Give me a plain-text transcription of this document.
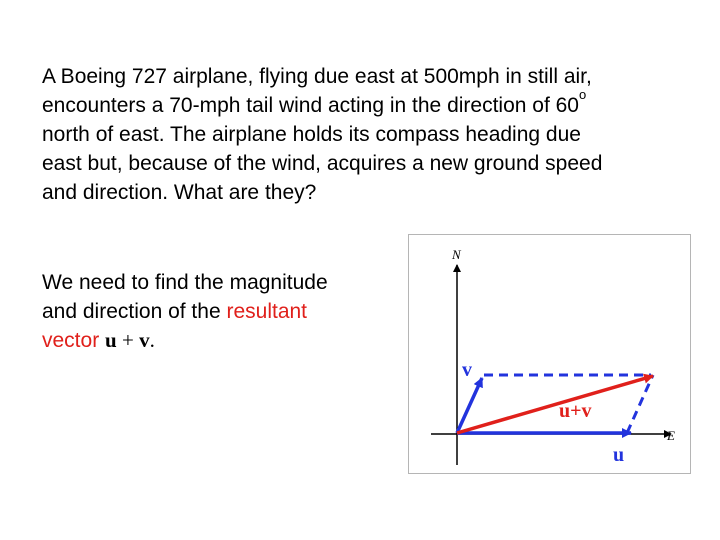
A Boeing 727 airplane, flying due east at 500mph in still air,
encounters a 70-mph tail wind acting in the direction of 60$^o$
north of east. The airplane holds its compass heading due
east but, because of the wind, acquires a new ground speed
and direction. What are they?
We need to find the magnitude
and direction of the resultant
vector u + v.
N
E
v
u+v
u
